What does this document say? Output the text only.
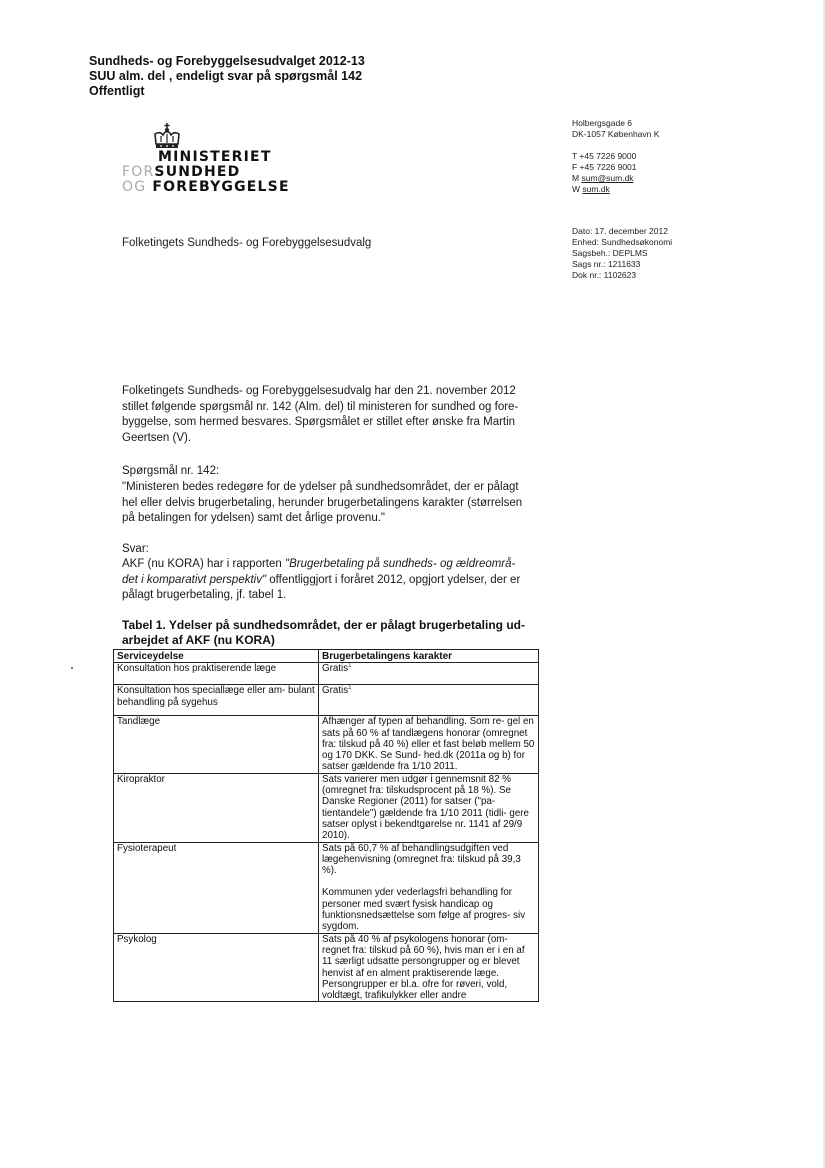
Sundheds- og Forebyggelsesudvalget 2012-13
SUU alm. del , endeligt svar på spørgsmål 142
Offentligt
MINISTERIET
FORSUNDHED
OG FOREBYGGELSE
Holbergsgade 6
DK-1057 København K
T +45 7226 9000
F +45 7226 9001
M sum@sum.dk
W sum.dk
Dato: 17. december 2012
Enhed: Sundhedsøkonomi
Sagsbeh.: DEPLMS
Sags nr.: 1211633
Dok nr.: 1102623
Folketingets Sundheds- og Forebyggelsesudvalg
Folketingets Sundheds- og Forebyggelsesudvalg har den 21. november 2012
stillet følgende spørgsmål nr. 142 (Alm. del) til ministeren for sundhed og fore-
byggelse, som hermed besvares. Spørgsmålet er stillet efter ønske fra Martin
Geertsen (V).
Spørgsmål nr. 142:
"Ministeren bedes redegøre for de ydelser på sundhedsområdet, der er pålagt
hel eller delvis brugerbetaling, herunder brugerbetalingens karakter (størrelsen
på betalingen for ydelsen) samt det årlige provenu."
Svar:
AKF (nu KORA) har i rapporten "Brugerbetaling på sundheds- og ældreområ-
det i komparativt perspektiv" offentliggjort i foråret 2012, opgjort ydelser, der er
pålagt brugerbetaling, jf. tabel 1.
Tabel 1. Ydelser på sundhedsområdet, der er pålagt brugerbetaling ud-
arbejdet af AKF (nu KORA)
Serviceydelse	Brugerbetalingens karakter
Konsultation hos praktiserende læge	Gratis$^1$
Konsultation hos speciallæge eller am- bulant behandling på sygehus	Gratis$^1$
Tandlæge	Afhænger af typen af behandling. Som re- gel en sats på 60 % af tandlægens honorar (omregnet fra: tilskud på 40 %) eller et fast beløb mellem 50 og 170 DKK. Se Sund- hed.dk (2011a og b) for satser gældende fra 1/10 2011.
Kiropraktor	Sats varierer men udgør i gennemsnit 82 % (omregnet fra: tilskudsprocent på 18 %). Se Danske Regioner (2011) for satser ("pa- tientandele") gældende fra 1/10 2011 (tidli- gere satser oplyst i bekendtgørelse nr. 1141 af 29/9 2010).
Fysioterapeut	Sats på 60,7 % af behandlingsudgiften ved lægehenvisning (omregnet fra: tilskud på 39,3 %).
Kommunen yder vederlagsfri behandling for personer med svært fysisk handicap og funktionsnedsættelse som følge af progres- siv sygdom.

Psykolog	Sats på 40 % af psykologens honorar (om- regnet fra: tilskud på 60 %), hvis man er i en af 11 særligt udsatte persongrupper og er blevet henvist af en alment praktiserende læge. Persongrupper er bl.a. ofre for røveri, vold, voldtægt, trafikulykker eller andre
